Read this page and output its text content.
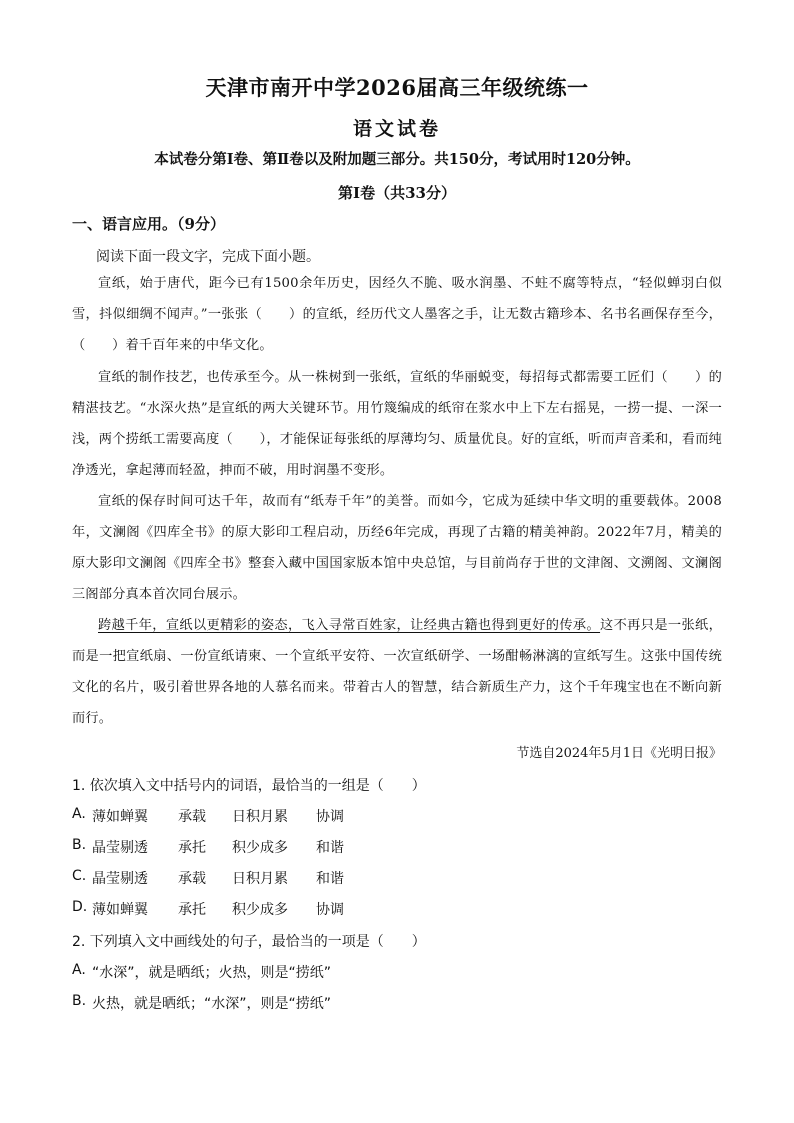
天津市南开中学2026届高三年级统练一
语文试卷
本试卷分第Ⅰ卷、第Ⅱ卷以及附加题三部分。共150分，考试用时120分钟。
第Ⅰ卷（共33分）
一、语言应用。（9分）
阅读下面一段文字，完成下面小题。
宣纸，始于唐代，距今已有1500余年历史，因经久不脆、吸水润墨、不蛀不腐等特点，“轻似蝉羽白似雪，抖似细绸不闻声。”一张张（　　）的宣纸，经历代文人墨客之手，让无数古籍珍本、名书名画保存至今，（　　）着千百年来的中华文化。
宣纸的制作技艺，也传承至今。从一株树到一张纸，宣纸的华丽蜕变，每招每式都需要工匠们（　　）的精湛技艺。“水深火热”是宣纸的两大关键环节。用竹篾编成的纸帘在浆水中上下左右摇晃，一捞一提、一深一浅，两个捞纸工需要高度（　　），才能保证每张纸的厚薄均匀、质量优良。好的宣纸，听而声音柔和，看而纯净透光，拿起薄而轻盈，抻而不破，用时润墨不变形。
宣纸的保存时间可达千年，故而有“纸寿千年”的美誉。而如今，它成为延续中华文明的重要载体。2008年，文澜阁《四库全书》的原大影印工程启动，历经6年完成，再现了古籍的精美神韵。2022年7月，精美的原大影印文澜阁《四库全书》整套入藏中国国家版本馆中央总馆，与目前尚存于世的文津阁、文溯阁、文澜阁三阁部分真本首次同台展示。
跨越千年，宣纸以更精彩的姿态，飞入寻常百姓家，让经典古籍也得到更好的传承。这不再只是一张纸，而是一把宣纸扇、一份宣纸请柬、一个宣纸平安符、一次宣纸研学、一场酣畅淋漓的宣纸写生。这张中国传统文化的名片，吸引着世界各地的人慕名而来。带着古人的智慧，结合新质生产力，这个千年瑰宝也在不断向新而行。
节选自2024年5月1日《光明日报》
1. 依次填入文中括号内的词语，最恰当的一组是（　　）
A. 薄如蝉翼	承载	日积月累	协调
B. 晶莹剔透	承托	积少成多	和谐
C. 晶莹剔透	承载	日积月累	和谐
D. 薄如蝉翼	承托	积少成多	协调
2. 下列填入文中画线处的句子，最恰当的一项是（　　）
A. “水深”，就是晒纸；火热，则是“捞纸”
B. 火热，就是晒纸；“水深”，则是“捞纸”
